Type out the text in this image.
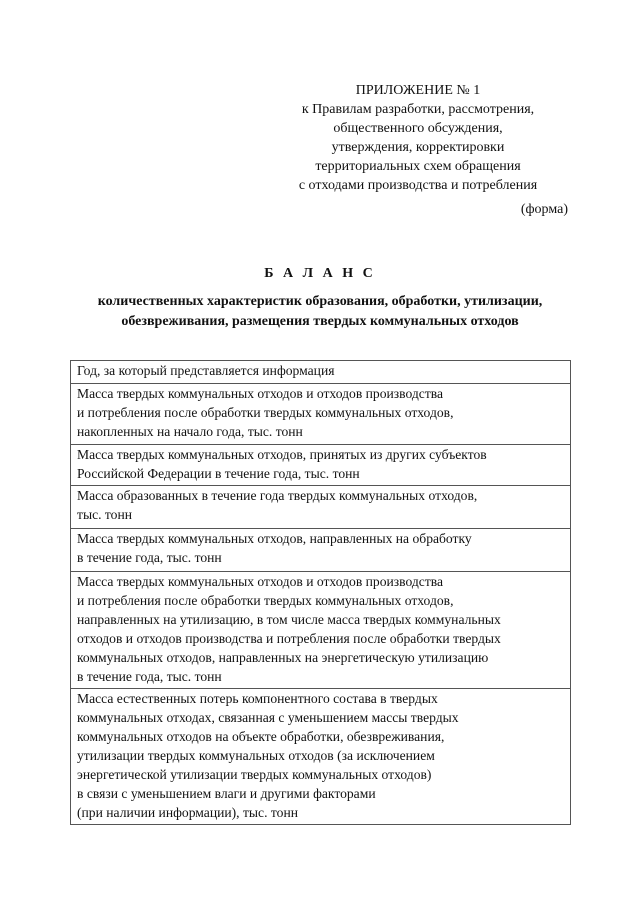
ПРИЛОЖЕНИЕ № 1
к Правилам разработки, рассмотрения,
общественного обсуждения,
утверждения, корректировки
территориальных схем обращения
с отходами производства и потребления
(форма)
Б А Л А Н С
количественных характеристик образования, обработки, утилизации,
обезвреживания, размещения твердых коммунальных отходов
Год, за который представляется информация

Масса твердых коммунальных отходов и отходов производства
и потребления после обработки твердых коммунальных отходов,
накопленных на начало года, тыс. тонн

Масса твердых коммунальных отходов, принятых из других субъектов
Российской Федерации в течение года, тыс. тонн

Масса образованных в течение года твердых коммунальных отходов,
тыс. тонн

Масса твердых коммунальных отходов, направленных на обработку
в течение года, тыс. тонн

Масса твердых коммунальных отходов и отходов производства
и потребления после обработки твердых коммунальных отходов,
направленных на утилизацию, в том числе масса твердых коммунальных
отходов и отходов производства и потребления после обработки твердых
коммунальных отходов, направленных на энергетическую утилизацию
в течение года, тыс. тонн

Масса естественных потерь компонентного состава в твердых
коммунальных отходах, связанная с уменьшением массы твердых
коммунальных отходов на объекте обработки, обезвреживания,
утилизации твердых коммунальных отходов (за исключением
энергетической утилизации твердых коммунальных отходов)
в связи с уменьшением влаги и другими факторами
(при наличии информации), тыс. тонн
